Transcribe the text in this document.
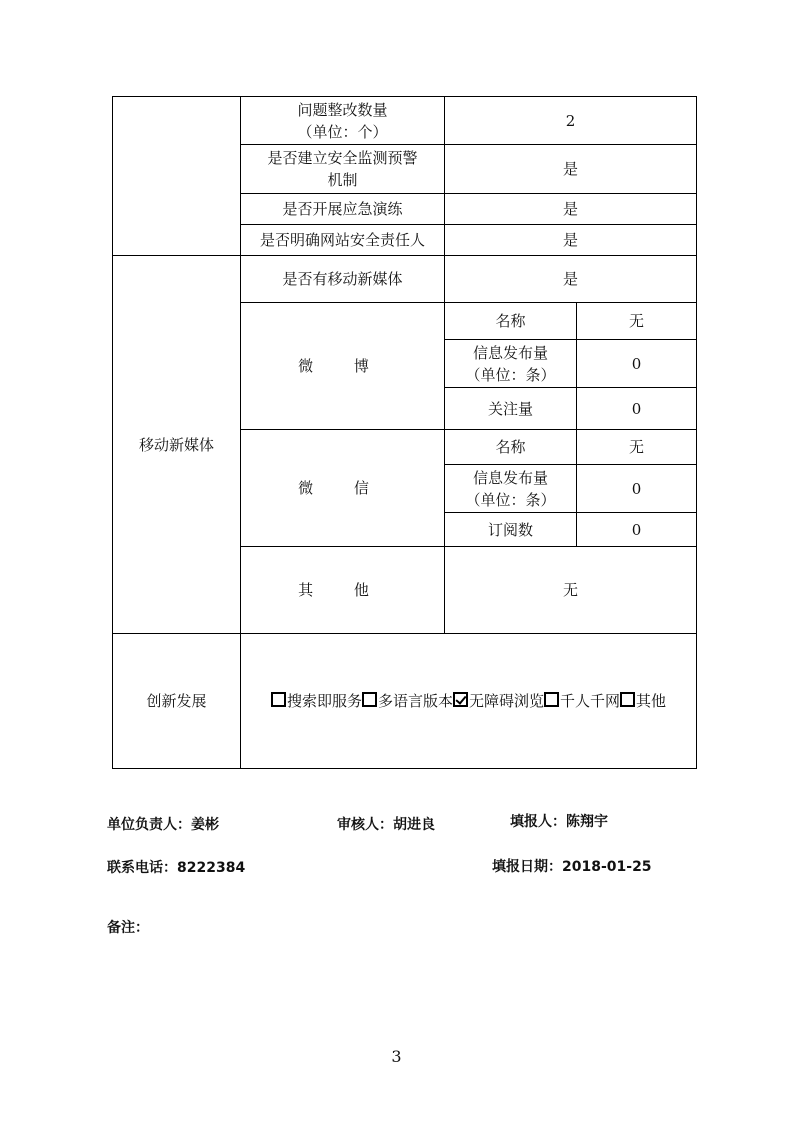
	问题整改数量
（单位：个）	2	

	是否建立安全监测预警
机制	是	
	是否开展应急演练	是	
	是否明确网站安全责任人	是	
移动新媒体	是否有移动新媒体	是	
	微 博	名称	无

		信息发布量
（单位：条）	0
		关注量	0
	微 信	名称	无

		信息发布量
（单位：条）	0
		订阅数	0
	其 他	无	
创新发展	搜索即服务 多语言版本 无障碍浏览 千人千网 其他		
单位负责人：姜彬	审核人：胡进良	填报人：陈翔宇
联系电话：8222384	填报日期：2018-01-25
备注：
3
